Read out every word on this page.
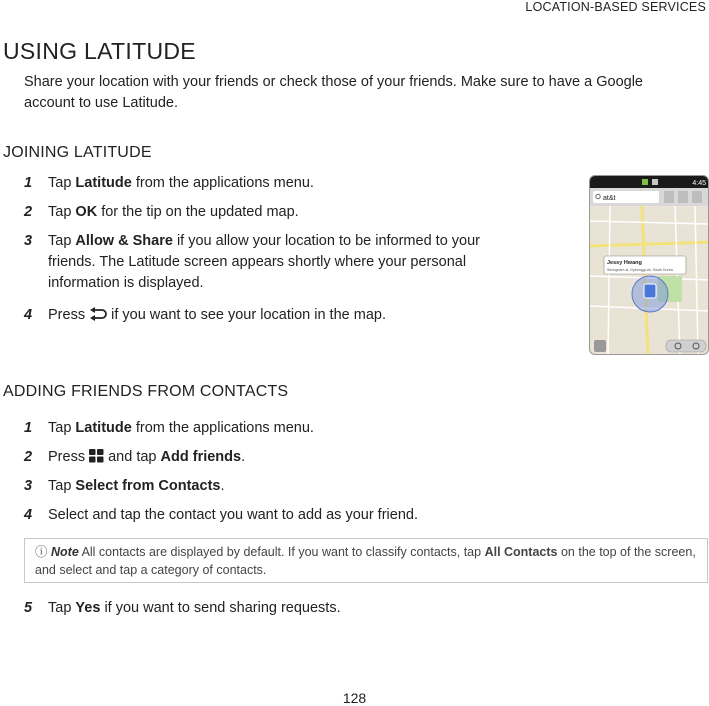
LOCATION-BASED SERVICES
USING LATITUDE
Share your location with your friends or check those of your friends. Make sure to have a Google account to use Latitude.
JOINING LATITUDE
1 Tap Latitude from the applications menu.
2 Tap OK for the tip on the updated map.
3 Tap Allow & Share if you allow your location to be informed to your friends. The Latitude screen appears shortly where your personal information is displayed.
4 Press  if you want to see your location in the map.
4:45
at&t
Jessy Hwang
Seongnam-si, Gyeonggi-do, South Korea
ADDING FRIENDS FROM CONTACTS
1 Tap Latitude from the applications menu.
2 Press  and tap Add friends.
3 Tap Select from Contacts.
4 Select and tap the contact you want to add as your friend.
ⓘ Note All contacts are displayed by default. If you want to classify contacts, tap All Contacts on the top of the screen, and select and tap a category of contacts.
5 Tap Yes if you want to send sharing requests.
128
